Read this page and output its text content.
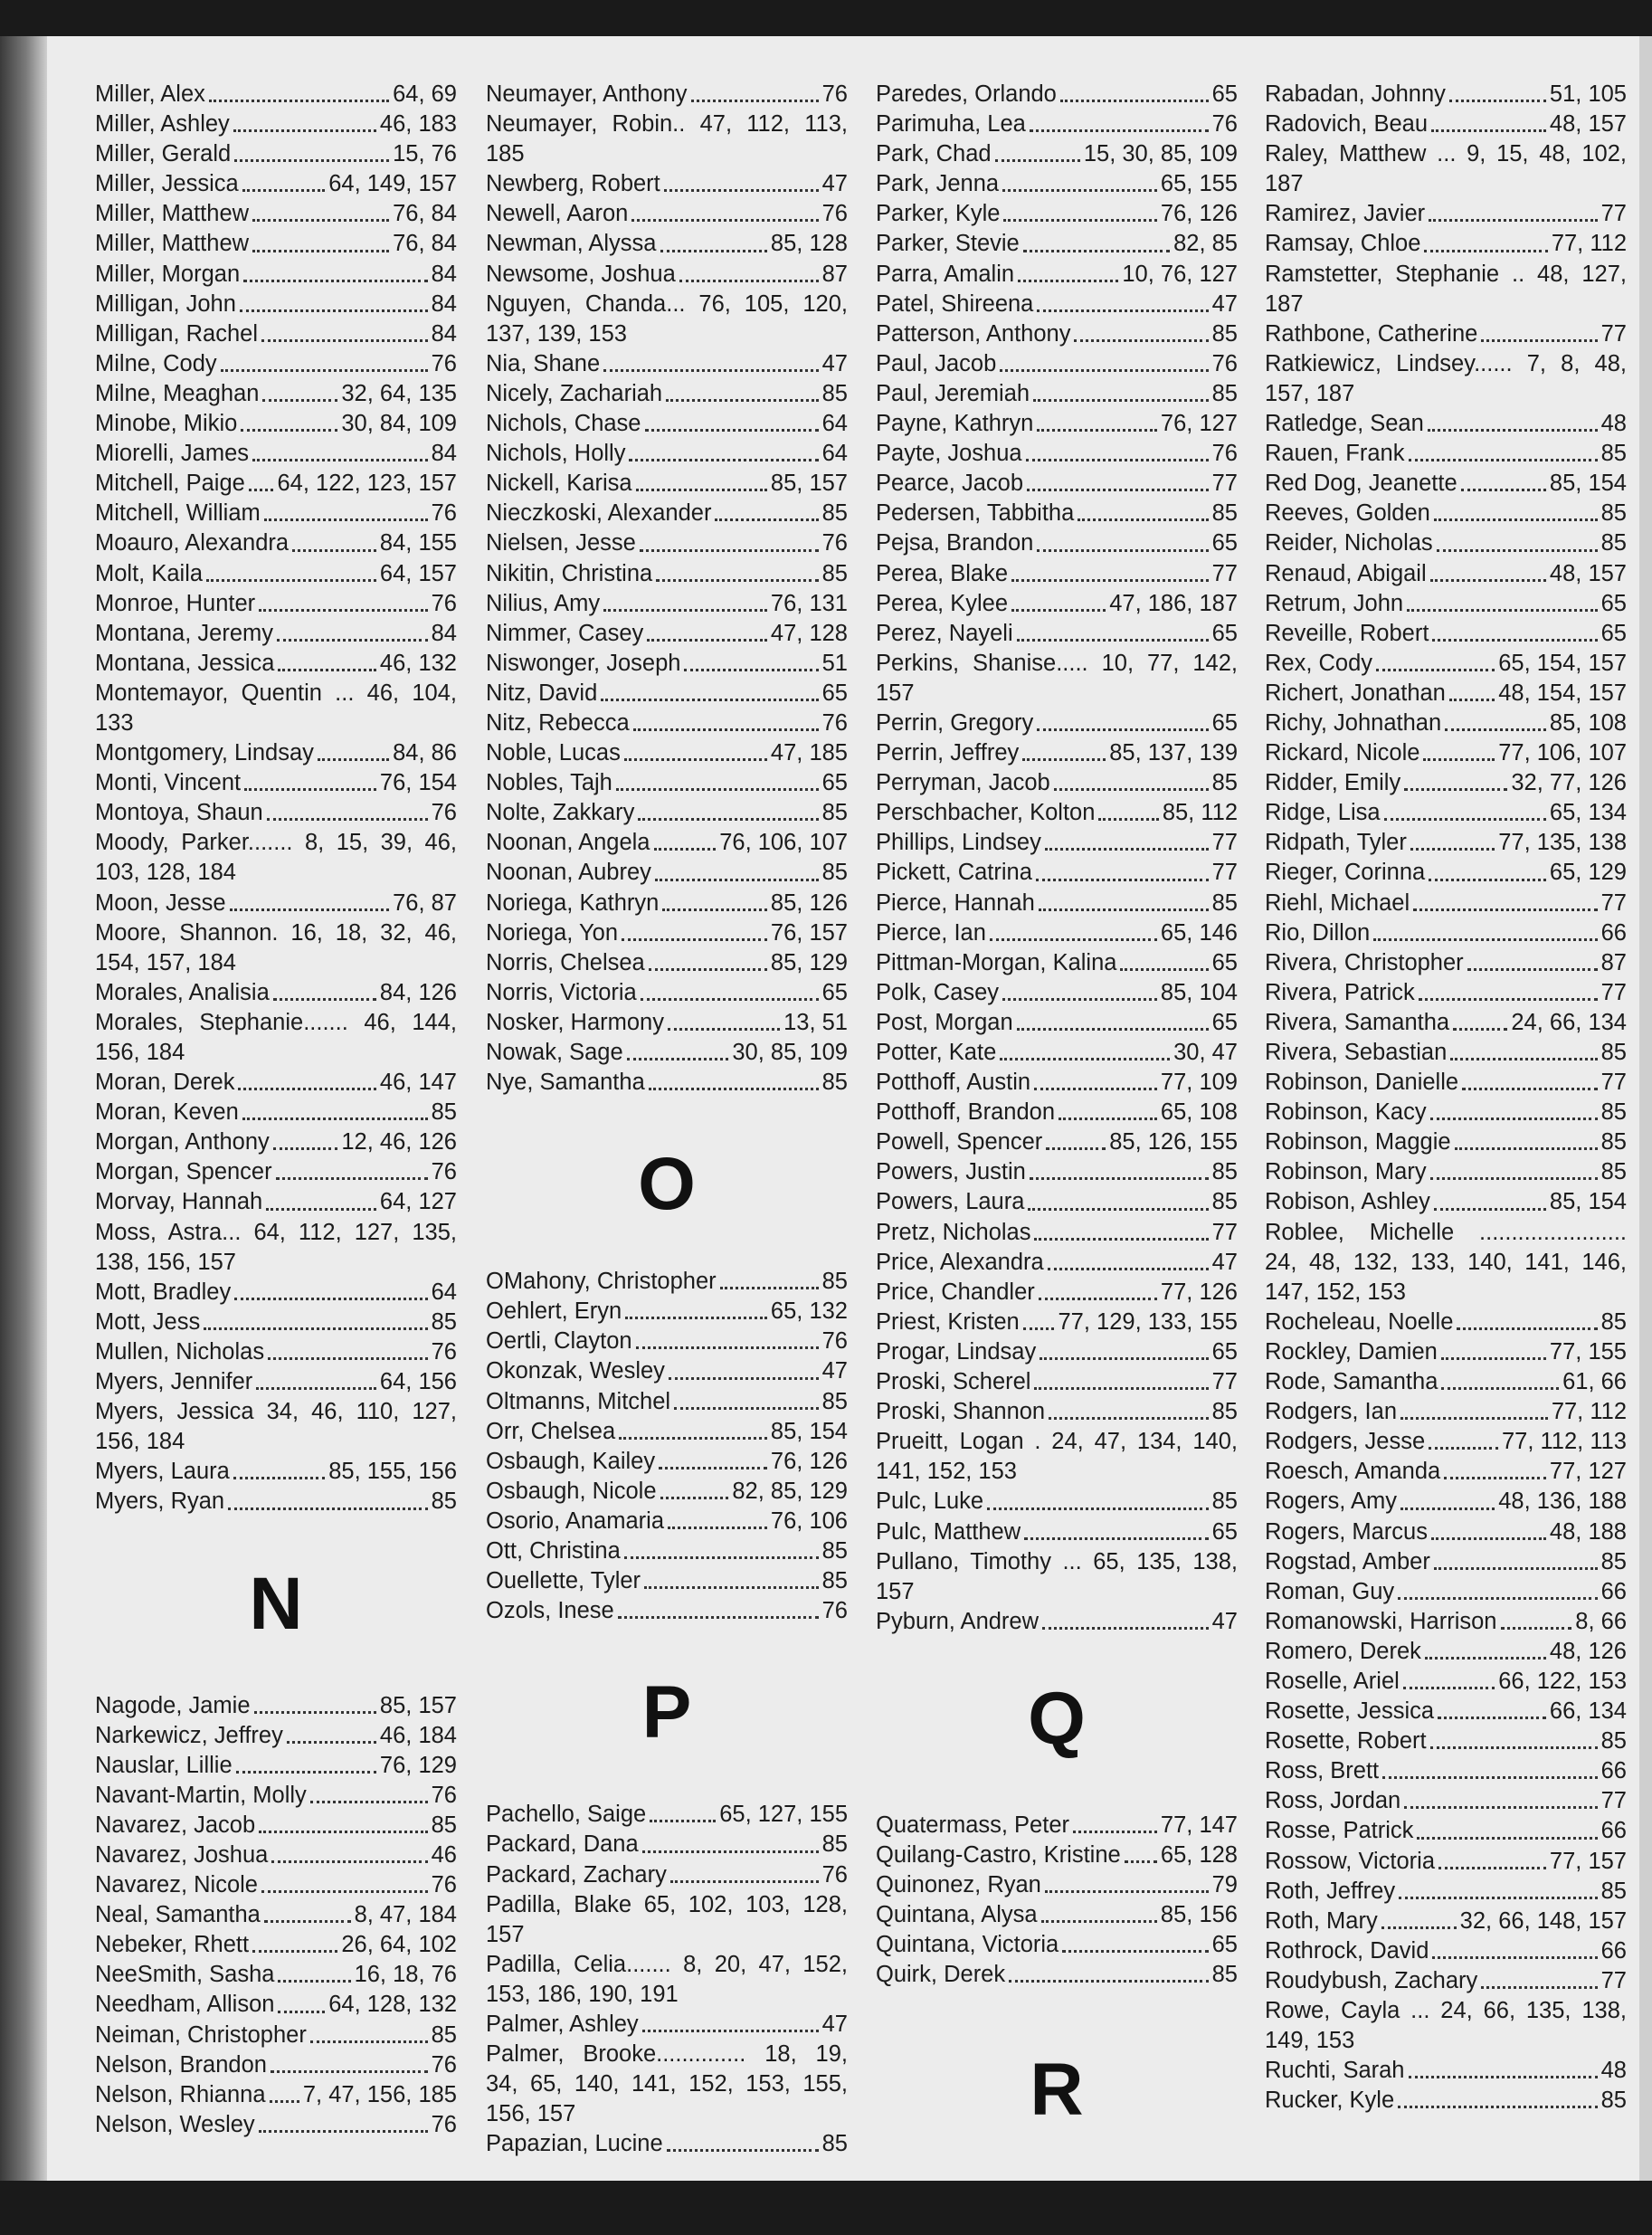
Miller, Alex	64, 69
Miller, Ashley	46, 183
Miller, Gerald	15, 76
Miller, Jessica	64, 149, 157
Miller, Matthew	76, 84
Miller, Matthew	76, 84
Miller, Morgan	84
Milligan, John	84
Milligan, Rachel	84
Milne, Cody	76
Milne, Meaghan	32, 64, 135
Minobe, Mikio	30, 84, 109
Miorelli, James	84
Mitchell, Paige 64, 122, 123, 157
Mitchell, William	76
Moauro, Alexandra	84, 155
Molt, Kaila	64, 157
Monroe, Hunter	76
Montana, Jeremy	84
Montana, Jessica	46, 132
Montemayor, Quentin ... 46, 104, 133
Montgomery, Lindsay	84, 86
Monti, Vincent	76, 154
Montoya, Shaun	76
Moody, Parker....... 8, 15, 39, 46, 103, 128, 184
Moon, Jesse	76, 87
Moore, Shannon. 16, 18, 32, 46, 154, 157, 184
Morales, Analisia	84, 126
Morales, Stephanie....... 46, 144, 156, 184
Moran, Derek	46, 147
Moran, Keven	85
Morgan, Anthony	12, 46, 126
Morgan, Spencer	76
Morvay, Hannah	64, 127
Moss, Astra... 64, 112, 127, 135, 138, 156, 157
Mott, Bradley	64
Mott, Jess	85
Mullen, Nicholas	76
Myers, Jennifer	64, 156
Myers, Jessica 34, 46, 110, 127, 156, 184
Myers, Laura	85, 155, 156
Myers, Ryan	85
N
Nagode, Jamie	85, 157
Narkewicz, Jeffrey	46, 184
Nauslar, Lillie	76, 129
Navant-Martin, Molly	76
Navarez, Jacob	85
Navarez, Joshua	46
Navarez, Nicole	76
Neal, Samantha	8, 47, 184
Nebeker, Rhett	26, 64, 102
NeeSmith, Sasha	16, 18, 76
Needham, Allison 64, 128, 132
Neiman, Christopher	85
Nelson, Brandon	76
Nelson, Rhianna 7, 47, 156, 185
Nelson, Wesley	76
Neumayer, Anthony	76
Neumayer, Robin.. 47, 112, 113, 185
Newberg, Robert	47
Newell, Aaron	76
Newman, Alyssa	85, 128
Newsome, Joshua	87
Nguyen, Chanda... 76, 105, 120, 137, 139, 153
Nia, Shane	47
Nicely, Zachariah	85
Nichols, Chase	64
Nichols, Holly	64
Nickell, Karisa	85, 157
Nieczkoski, Alexander	85
Nielsen, Jesse	76
Nikitin, Christina	85
Nilius, Amy	76, 131
Nimmer, Casey	47, 128
Niswonger, Joseph	51
Nitz, David	65
Nitz, Rebecca	76
Noble, Lucas	47, 185
Nobles, Tajh	65
Nolte, Zakkary	85
Noonan, Angela	76, 106, 107
Noonan, Aubrey	85
Noriega, Kathryn	85, 126
Noriega, Yon	76, 157
Norris, Chelsea	85, 129
Norris, Victoria	65
Nosker, Harmony	13, 51
Nowak, Sage	30, 85, 109
Nye, Samantha	85
O
OMahony, Christopher	85
Oehlert, Eryn	65, 132
Oertli, Clayton	76
Okonzak, Wesley	47
Oltmanns, Mitchel	85
Orr, Chelsea	85, 154
Osbaugh, Kailey	76, 126
Osbaugh, Nicole	82, 85, 129
Osorio, Anamaria	76, 106
Ott, Christina	85
Ouellette, Tyler	85
Ozols, Inese	76
P
Pachello, Saige	65, 127, 155
Packard, Dana	85
Packard, Zachary	76
Padilla, Blake 65, 102, 103, 128, 157
Padilla, Celia....... 8, 20, 47, 152, 153, 186, 190, 191
Palmer, Ashley	47
Palmer, Brooke.............. 18, 19, 34, 65, 140, 141, 152, 153, 155, 156, 157
Papazian, Lucine	85
Paredes, Orlando	65
Parimuha, Lea	76
Park, Chad	15, 30, 85, 109
Park, Jenna	65, 155
Parker, Kyle	76, 126
Parker, Stevie	82, 85
Parra, Amalin	10, 76, 127
Patel, Shireena	47
Patterson, Anthony	85
Paul, Jacob	76
Paul, Jeremiah	85
Payne, Kathryn	76, 127
Payte, Joshua	76
Pearce, Jacob	77
Pedersen, Tabbitha	85
Pejsa, Brandon	65
Perea, Blake	77
Perea, Kylee	47, 186, 187
Perez, Nayeli	65
Perkins, Shanise..... 10, 77, 142, 157
Perrin, Gregory	65
Perrin, Jeffrey	85, 137, 139
Perryman, Jacob	85
Perschbacher, Kolton	85, 112
Phillips, Lindsey	77
Pickett, Catrina	77
Pierce, Hannah	85
Pierce, Ian	65, 146
Pittman-Morgan, Kalina	65
Polk, Casey	85, 104
Post, Morgan	65
Potter, Kate	30, 47
Potthoff, Austin	77, 109
Potthoff, Brandon	65, 108
Powell, Spencer	85, 126, 155
Powers, Justin	85
Powers, Laura	85
Pretz, Nicholas	77
Price, Alexandra	47
Price, Chandler	77, 126
Priest, Kristen 77, 129, 133, 155
Progar, Lindsay	65
Proski, Scherel	77
Proski, Shannon	85
Prueitt, Logan . 24, 47, 134, 140, 141, 152, 153
Pulc, Luke	85
Pulc, Matthew	65
Pullano, Timothy ... 65, 135, 138, 157
Pyburn, Andrew	47
Q
Quatermass, Peter	77, 147
Quilang-Castro, Kristine 65, 128
Quinonez, Ryan	79
Quintana, Alysa	85, 156
Quintana, Victoria	65
Quirk, Derek	85
R
Rabadan, Johnny	51, 105
Radovich, Beau	48, 157
Raley, Matthew ... 9, 15, 48, 102, 187
Ramirez, Javier	77
Ramsay, Chloe	77, 112
Ramstetter, Stephanie .. 48, 127, 187
Rathbone, Catherine	77
Ratkiewicz, Lindsey...... 7, 8, 48, 157, 187
Ratledge, Sean	48
Rauen, Frank	85
Red Dog, Jeanette	85, 154
Reeves, Golden	85
Reider, Nicholas	85
Renaud, Abigail	48, 157
Retrum, John	65
Reveille, Robert	65
Rex, Cody	65, 154, 157
Richert, Jonathan 48, 154, 157
Richy, Johnathan	85, 108
Rickard, Nicole	77, 106, 107
Ridder, Emily	32, 77, 126
Ridge, Lisa	65, 134
Ridpath, Tyler	77, 135, 138
Rieger, Corinna	65, 129
Riehl, Michael	77
Rio, Dillon	66
Rivera, Christopher	87
Rivera, Patrick	77
Rivera, Samantha	24, 66, 134
Rivera, Sebastian	85
Robinson, Danielle	77
Robinson, Kacy	85
Robinson, Maggie	85
Robinson, Mary	85
Robison, Ashley	85, 154
Roblee, Michelle ....................... 24, 48, 132, 133, 140, 141, 146, 147, 152, 153
Rocheleau, Noelle	85
Rockley, Damien	77, 155
Rode, Samantha	61, 66
Rodgers, Ian	77, 112
Rodgers, Jesse	77, 112, 113
Roesch, Amanda	77, 127
Rogers, Amy	48, 136, 188
Rogers, Marcus	48, 188
Rogstad, Amber	85
Roman, Guy	66
Romanowski, Harrison	8, 66
Romero, Derek	48, 126
Roselle, Ariel	66, 122, 153
Rosette, Jessica	66, 134
Rosette, Robert	85
Ross, Brett	66
Ross, Jordan	77
Rosse, Patrick	66
Rossow, Victoria	77, 157
Roth, Jeffrey	85
Roth, Mary	32, 66, 148, 157
Rothrock, David	66
Roudybush, Zachary	77
Rowe, Cayla ... 24, 66, 135, 138, 149, 153
Ruchti, Sarah	48
Rucker, Kyle	85
